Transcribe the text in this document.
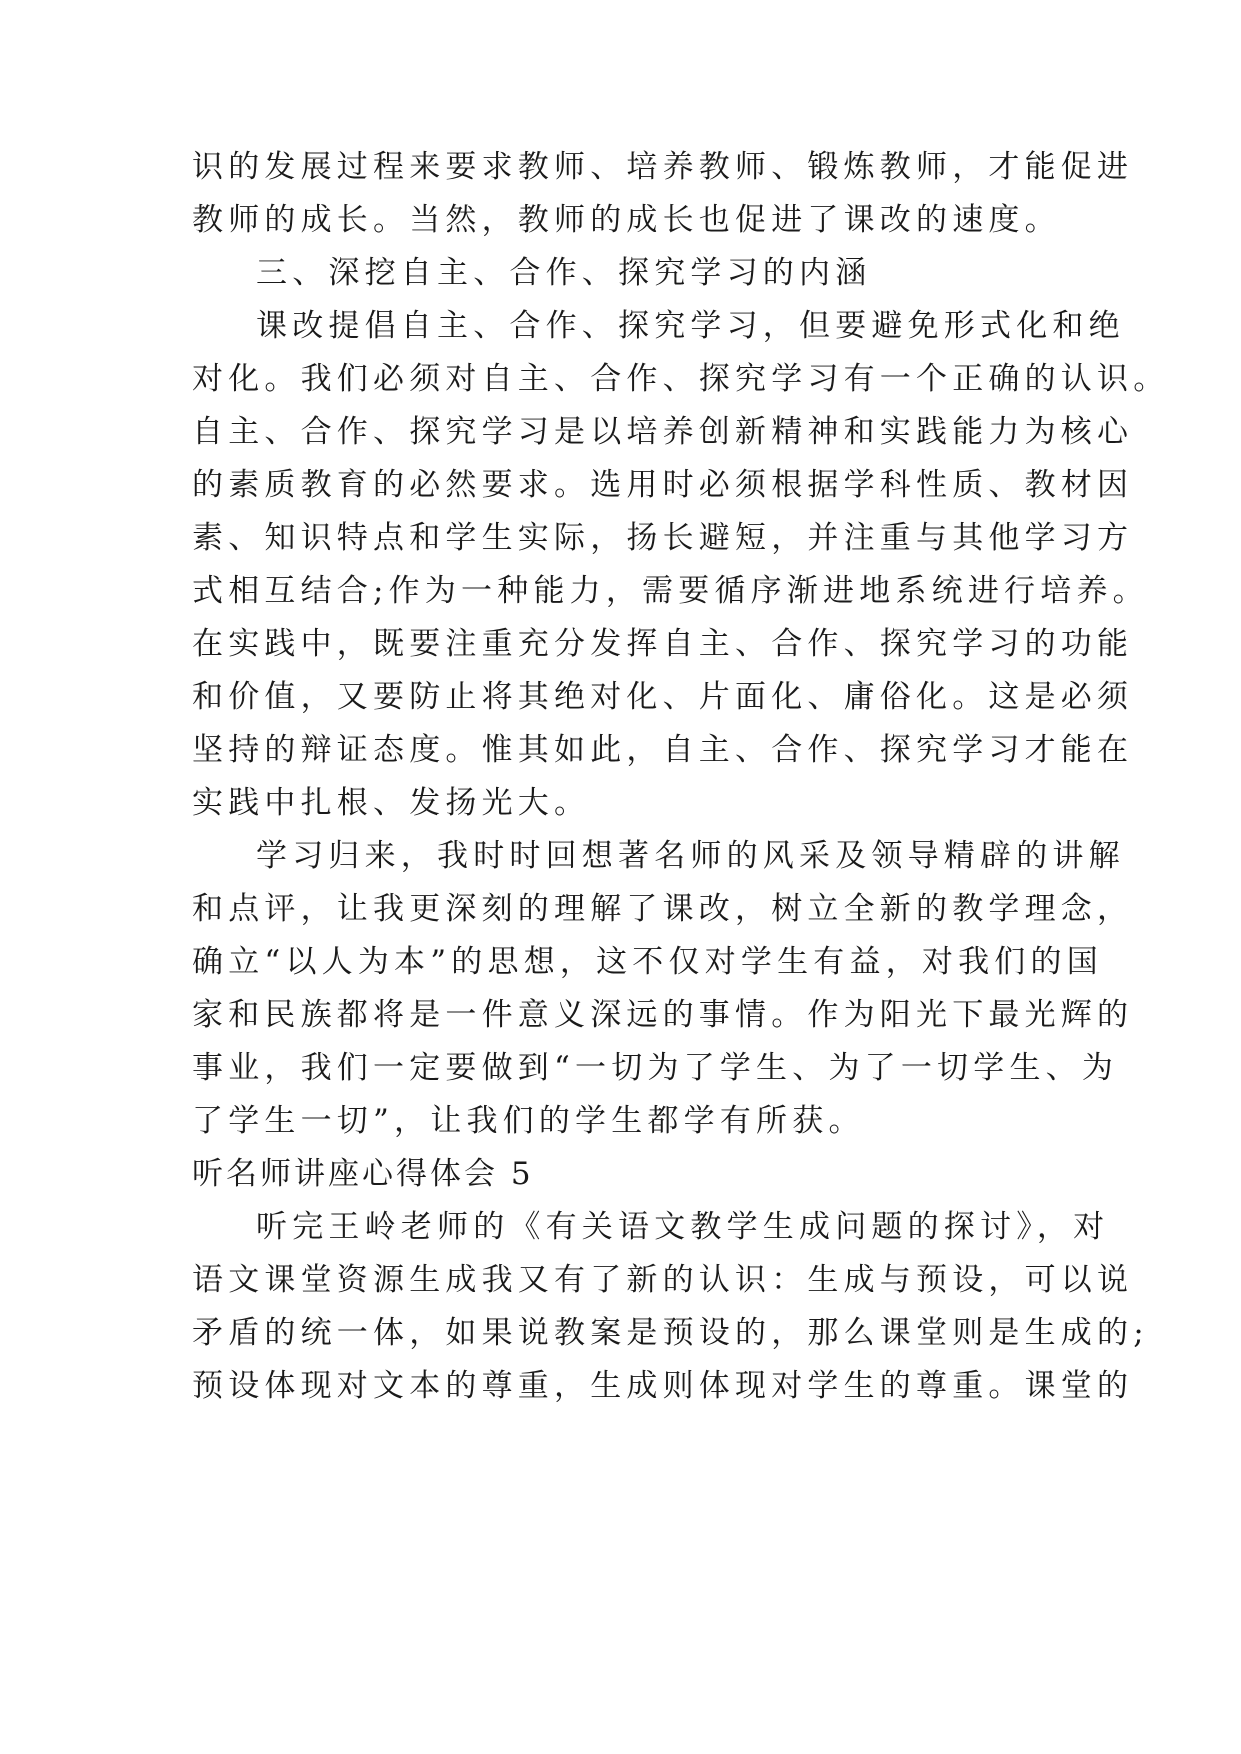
识的发展过程来要求教师、培养教师、锻炼教师，才能促进

教师的成长。当然，教师的成长也促进了课改的速度。

三、深挖自主、合作、探究学习的内涵

课改提倡自主、合作、探究学习，但要避免形式化和绝

对化。我们必须对自主、合作、探究学习有一个正确的认识。

自主、合作、探究学习是以培养创新精神和实践能力为核心

的素质教育的必然要求。选用时必须根据学科性质、教材因

素、知识特点和学生实际，扬长避短，并注重与其他学习方

式相互结合;作为一种能力，需要循序渐进地系统进行培养。

在实践中，既要注重充分发挥自主、合作、探究学习的功能

和价值，又要防止将其绝对化、片面化、庸俗化。这是必须

坚持的辩证态度。惟其如此，自主、合作、探究学习才能在

实践中扎根、发扬光大。

学习归来，我时时回想著名师的风采及领导精辟的讲解

和点评，让我更深刻的理解了课改，树立全新的教学理念，

确立“以人为本”的思想，这不仅对学生有益，对我们的国

家和民族都将是一件意义深远的事情。作为阳光下最光辉的

事业，我们一定要做到“一切为了学生、为了一切学生、为

了学生一切”，让我们的学生都学有所获。

听名师讲座心得体会 5

听完王岭老师的《有关语文教学生成问题的探讨》，对

语文课堂资源生成我又有了新的认识：生成与预设，可以说

矛盾的统一体，如果说教案是预设的，那么课堂则是生成的;

预设体现对文本的尊重，生成则体现对学生的尊重。课堂的
